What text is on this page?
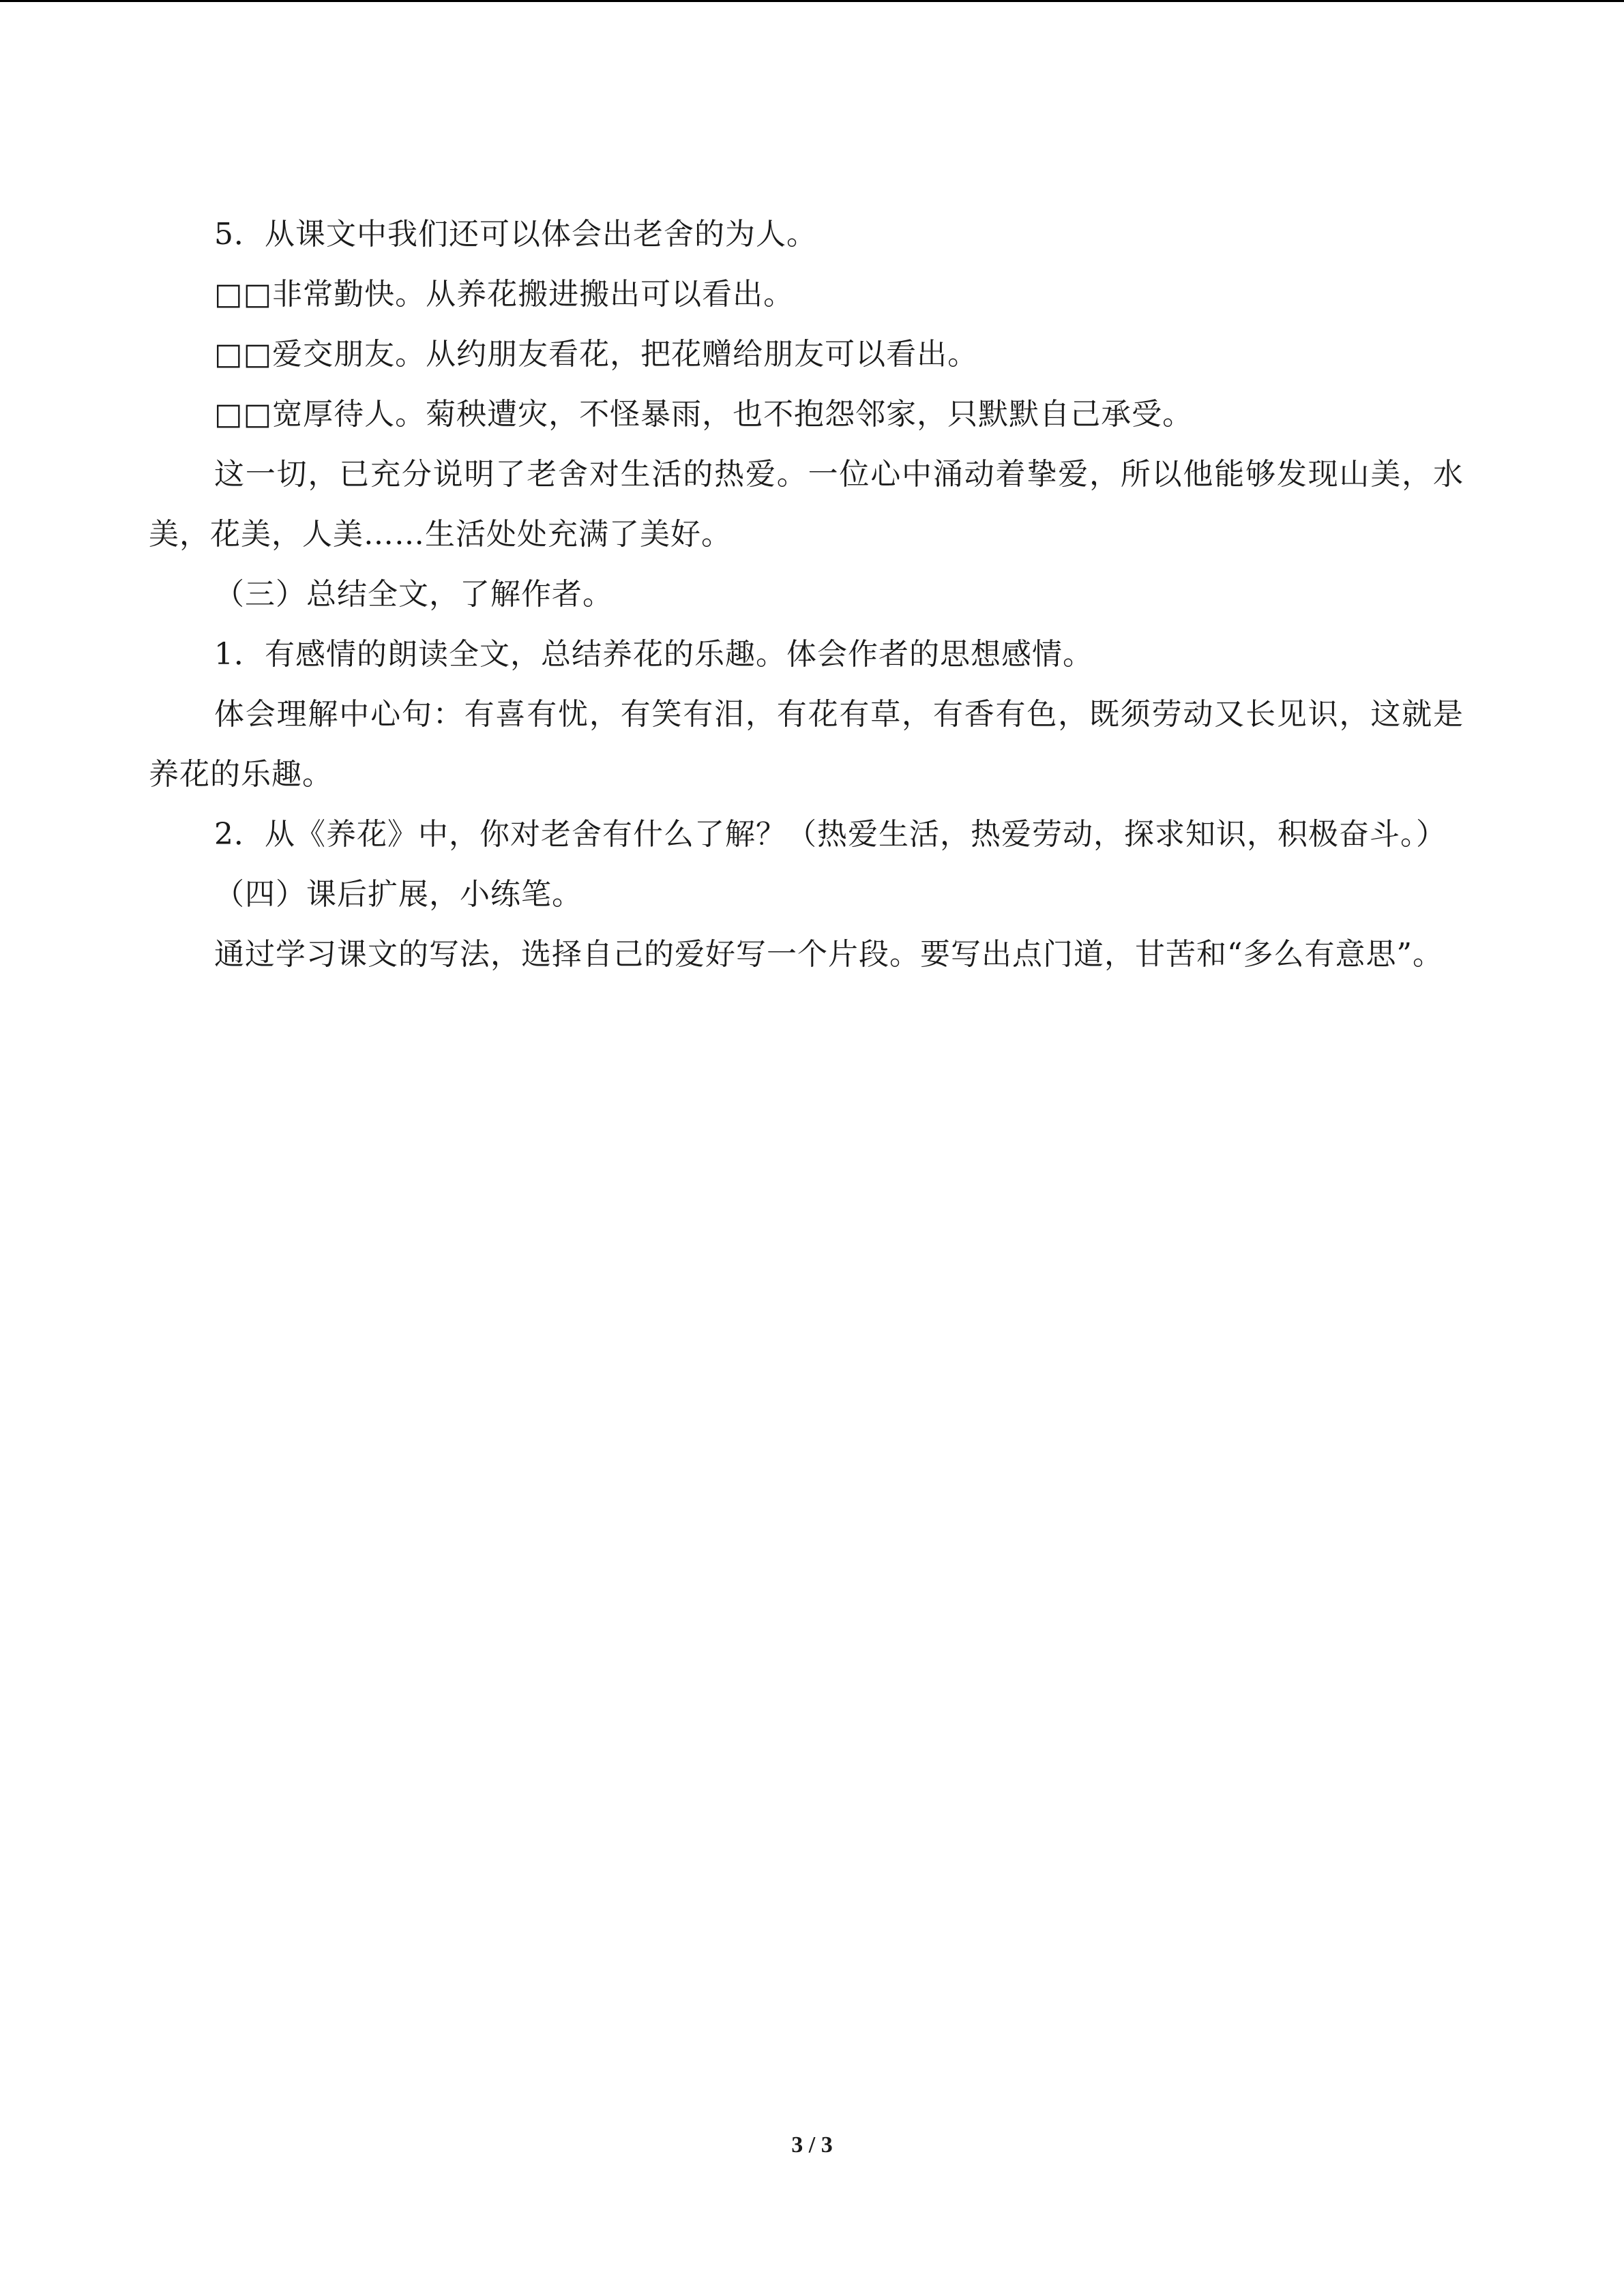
5．从课文中我们还可以体会出老舍的为人。

□□非常勤快。从养花搬进搬出可以看出。

□□爱交朋友。从约朋友看花，把花赠给朋友可以看出。

□□宽厚待人。菊秧遭灾，不怪暴雨，也不抱怨邻家，只默默自己承受。

这一切，已充分说明了老舍对生活的热爱。一位心中涌动着挚爱，所以他能够发现山美，水美，花美，人美……生活处处充满了美好。

（三）总结全文，了解作者。

1．有感情的朗读全文，总结养花的乐趣。体会作者的思想感情。

体会理解中心句：有喜有忧，有笑有泪，有花有草，有香有色，既须劳动又长见识，这就是养花的乐趣。

2．从《养花》中，你对老舍有什么了解？（热爱生活，热爱劳动，探求知识，积极奋斗。）

（四）课后扩展，小练笔。

通过学习课文的写法，选择自己的爱好写一个片段。要写出点门道，甘苦和“多么有意思”。

3 / 3
